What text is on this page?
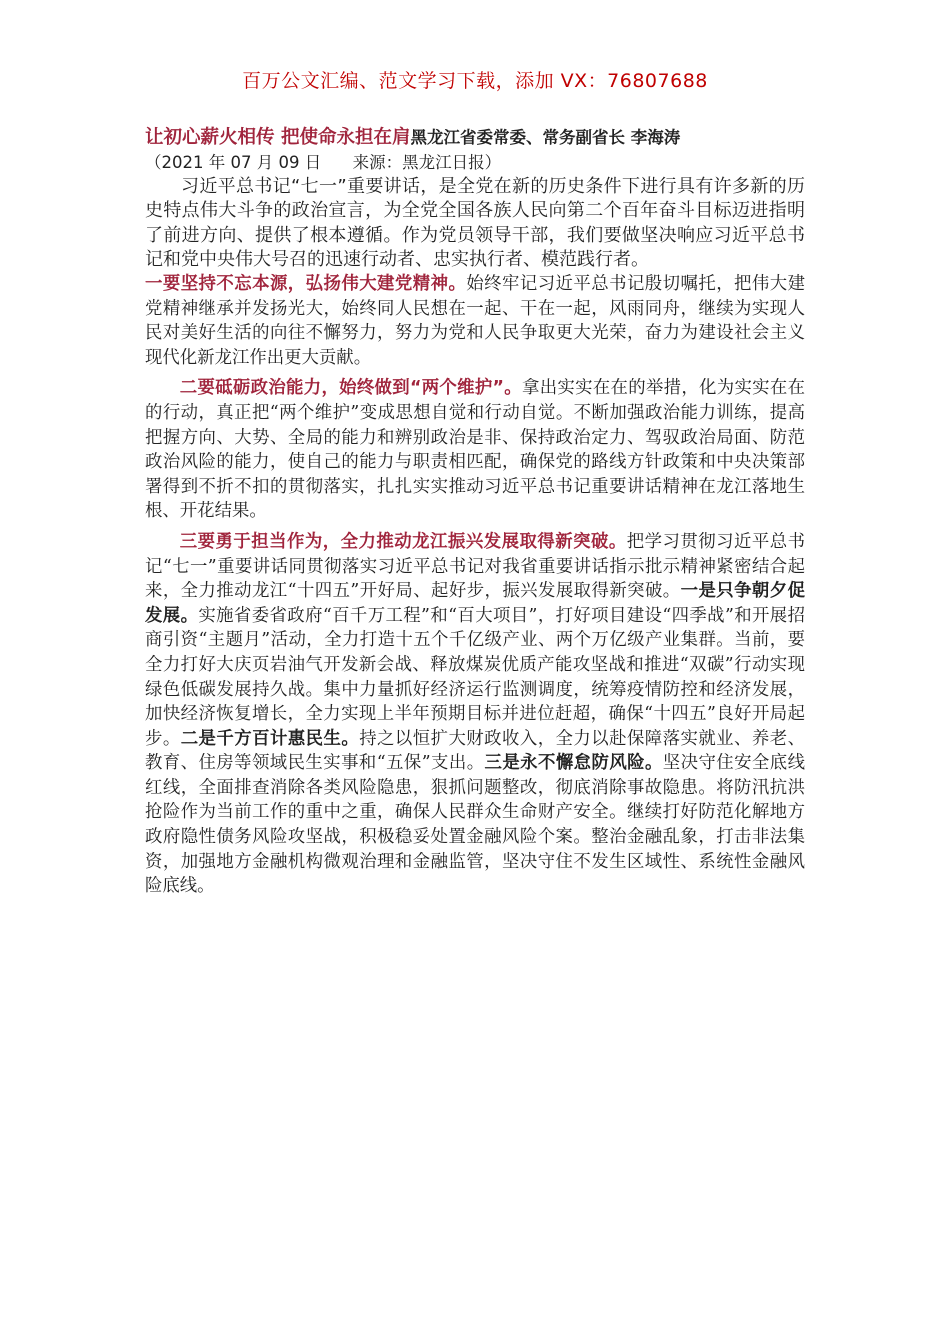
百万公文汇编、范文学习下载，添加 VX：76807688

让初心薪火相传 把使命永担在肩黑龙江省委常委、常务副省长 李海涛

（2021 年 07 月 09 日      来源：黑龙江日报）

习近平总书记“七一”重要讲话，是全党在新的历史条件下进行具有许多新的历史特点伟大斗争的政治宣言，为全党全国各族人民向第二个百年奋斗目标迈进指明了前进方向、提供了根本遵循。作为党员领导干部，我们要做坚决响应习近平总书记和党中央伟大号召的迅速行动者、忠实执行者、模范践行者。

一要坚持不忘本源，弘扬伟大建党精神。始终牢记习近平总书记殷切嘱托，把伟大建党精神继承并发扬光大，始终同人民想在一起、干在一起，风雨同舟，继续为实现人民对美好生活的向往不懈努力，努力为党和人民争取更大光荣，奋力为建设社会主义现代化新龙江作出更大贡献。

二要砥砺政治能力，始终做到“两个维护”。拿出实实在在的举措，化为实实在在的行动，真正把“两个维护”变成思想自觉和行动自觉。不断加强政治能力训练，提高把握方向、大势、全局的能力和辨别政治是非、保持政治定力、驾驭政治局面、防范政治风险的能力，使自己的能力与职责相匹配，确保党的路线方针政策和中央决策部署得到不折不扣的贯彻落实，扎扎实实推动习近平总书记重要讲话精神在龙江落地生根、开花结果。

三要勇于担当作为，全力推动龙江振兴发展取得新突破。把学习贯彻习近平总书记“七一”重要讲话同贯彻落实习近平总书记对我省重要讲话指示批示精神紧密结合起来，全力推动龙江“十四五”开好局、起好步，振兴发展取得新突破。一是只争朝夕促发展。实施省委省政府“百千万工程”和“百大项目”，打好项目建设“四季战”和开展招商引资“主题月”活动，全力打造十五个千亿级产业、两个万亿级产业集群。当前，要全力打好大庆页岩油气开发新会战、释放煤炭优质产能攻坚战和推进“双碳”行动实现绿色低碳发展持久战。集中力量抓好经济运行监测调度，统筹疫情防控和经济发展，加快经济恢复增长，全力实现上半年预期目标并进位赶超，确保“十四五”良好开局起步。二是千方百计惠民生。持之以恒扩大财政收入，全力以赴保障落实就业、养老、教育、住房等领域民生实事和“五保”支出。三是永不懈怠防风险。坚决守住安全底线红线，全面排查消除各类风险隐患，狠抓问题整改，彻底消除事故隐患。将防汛抗洪抢险作为当前工作的重中之重，确保人民群众生命财产安全。继续打好防范化解地方政府隐性债务风险攻坚战，积极稳妥处置金融风险个案。整治金融乱象，打击非法集资，加强地方金融机构微观治理和金融监管，坚决守住不发生区域性、系统性金融风险底线。
